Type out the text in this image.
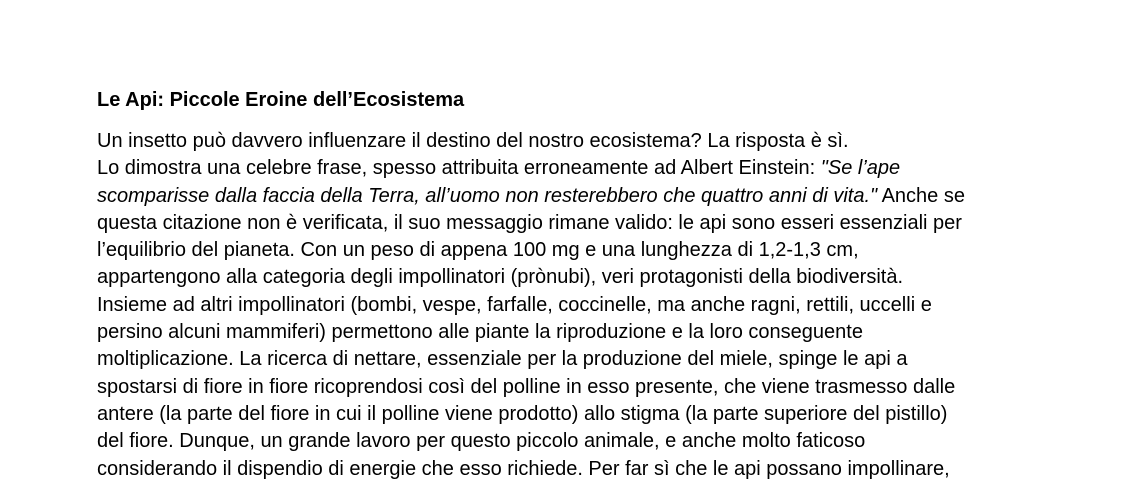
Le Api: Piccole Eroine dell’Ecosistema
Un insetto può davvero influenzare il destino del nostro ecosistema? La risposta è sì.
Lo dimostra una celebre frase, spesso attribuita erroneamente ad Albert Einstein: "Se l’ape
scomparisse dalla faccia della Terra, all’uomo non resterebbero che quattro anni di vita." Anche se
questa citazione non è verificata, il suo messaggio rimane valido: le api sono esseri essenziali per
l’equilibrio del pianeta. Con un peso di appena 100 mg e una lunghezza di 1,2-1,3 cm,
appartengono alla categoria degli impollinatori (prònubi), veri protagonisti della biodiversità.
Insieme ad altri impollinatori (bombi, vespe, farfalle, coccinelle, ma anche ragni, rettili, uccelli e
persino alcuni mammiferi) permettono alle piante la riproduzione e la loro conseguente
moltiplicazione. La ricerca di nettare, essenziale per la produzione del miele, spinge le api a
spostarsi di fiore in fiore ricoprendosi così del polline in esso presente, che viene trasmesso dalle
antere (la parte del fiore in cui il polline viene prodotto) allo stigma (la parte superiore del pistillo)
del fiore. Dunque, un grande lavoro per questo piccolo animale, e anche molto faticoso
considerando il dispendio di energie che esso richiede. Per far sì che le api possano impollinare,
